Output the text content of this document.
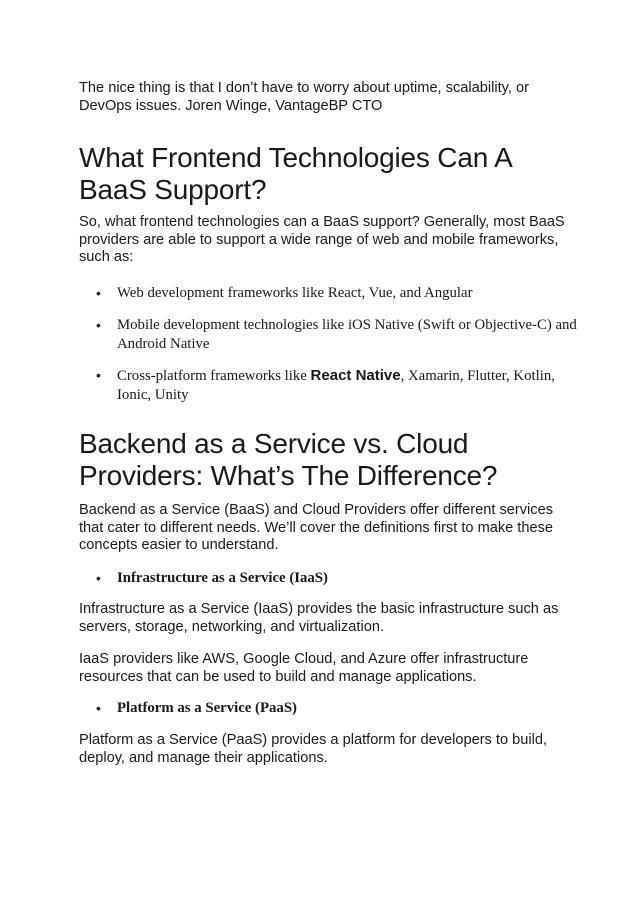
The nice thing is that I don’t have to worry about uptime, scalability, or DevOps issues. Joren Winge, VantageBP CTO

What Frontend Technologies Can A BaaS Support?

So, what frontend technologies can a BaaS support? Generally, most BaaS providers are able to support a wide range of web and mobile frameworks, such as:

• Web development frameworks like React, Vue, and Angular
• Mobile development technologies like iOS Native (Swift or Objective-C) and Android Native
• Cross-platform frameworks like React Native, Xamarin, Flutter, Kotlin, Ionic, Unity
Backend as a Service vs. Cloud Providers: What’s The Difference?

Backend as a Service (BaaS) and Cloud Providers offer different services that cater to different needs. We’ll cover the definitions first to make these concepts easier to understand.

• Infrastructure as a Service (IaaS)

Infrastructure as a Service (IaaS) provides the basic infrastructure such as servers, storage, networking, and virtualization.

IaaS providers like AWS, Google Cloud, and Azure offer infrastructure resources that can be used to build and manage applications.

• Platform as a Service (PaaS)

Platform as a Service (PaaS) provides a platform for developers to build, deploy, and manage their applications.
